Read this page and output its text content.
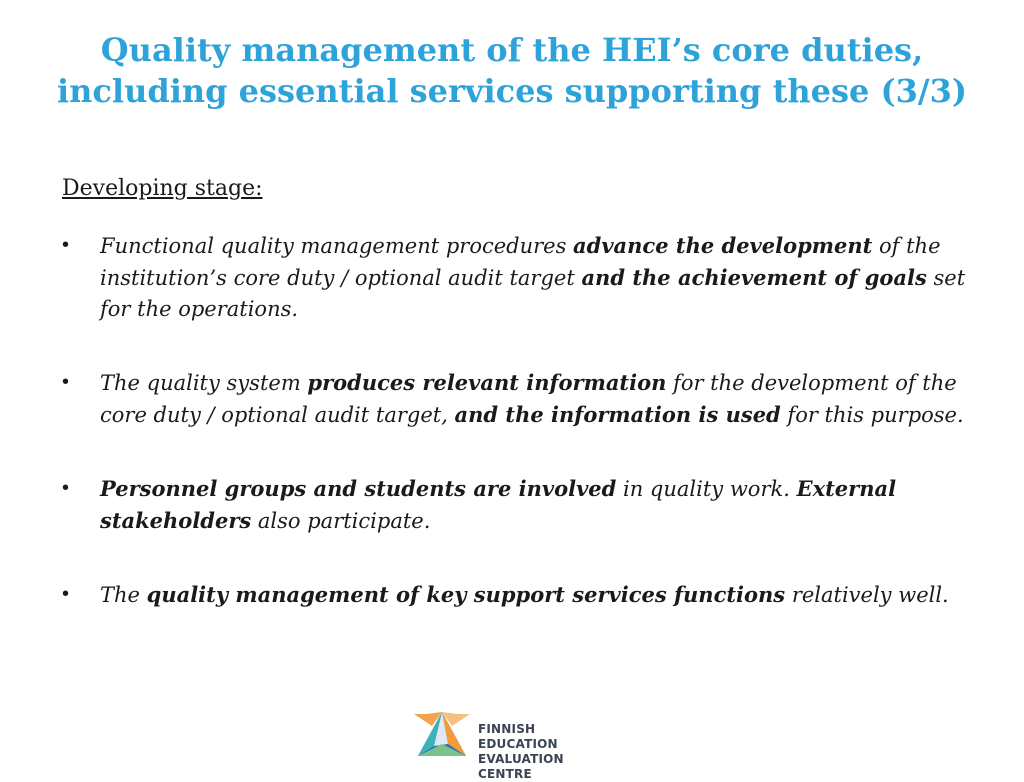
Quality management of the HEI’s core duties,
including essential services supporting these (3/3)
Developing stage:
• Functional quality management procedures advance the development of the institution’s core duty / optional audit target and the achievement of goals set for the operations.
• The quality system produces relevant information for the development of the core duty / optional audit target, and the information is used for this purpose.
• Personnel groups and students are involved in quality work. External stakeholders also participate.
• The quality management of key support services functions relatively well.
FINNISH EDUCATION
EVALUATION CENTRE
